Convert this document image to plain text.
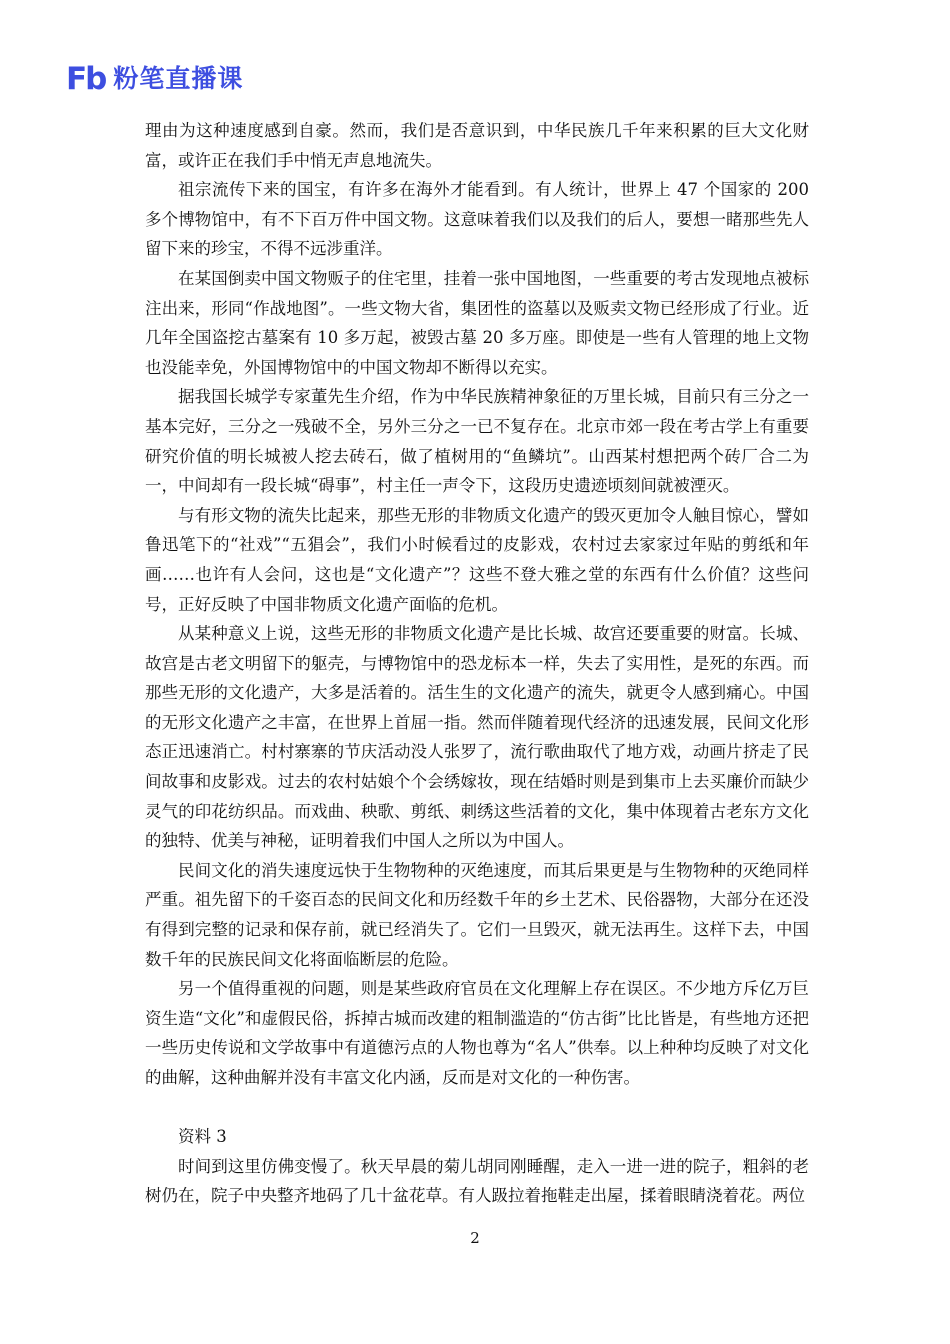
Fb 粉笔直播课

理由为这种速度感到自豪。然而，我们是否意识到，中华民族几千年来积累的巨大文化财富，或许正在我们手中悄无声息地流失。

祖宗流传下来的国宝，有许多在海外才能看到。有人统计，世界上 47 个国家的 200 多个博物馆中，有不下百万件中国文物。这意味着我们以及我们的后人，要想一睹那些先人留下来的珍宝，不得不远涉重洋。

在某国倒卖中国文物贩子的住宅里，挂着一张中国地图，一些重要的考古发现地点被标注出来，形同“作战地图”。一些文物大省，集团性的盗墓以及贩卖文物已经形成了行业。近几年全国盗挖古墓案有 10 多万起，被毁古墓 20 多万座。即使是一些有人管理的地上文物也没能幸免，外国博物馆中的中国文物却不断得以充实。

据我国长城学专家董先生介绍，作为中华民族精神象征的万里长城，目前只有三分之一基本完好，三分之一残破不全，另外三分之一已不复存在。北京市郊一段在考古学上有重要研究价值的明长城被人挖去砖石，做了植树用的“鱼鳞坑”。山西某村想把两个砖厂合二为一，中间却有一段长城“碍事”，村主任一声令下，这段历史遗迹顷刻间就被湮灭。

与有形文物的流失比起来，那些无形的非物质文化遗产的毁灭更加令人触目惊心，譬如鲁迅笔下的“社戏”“五猖会”，我们小时候看过的皮影戏，农村过去家家过年贴的剪纸和年画……也许有人会问，这也是“文化遗产”？这些不登大雅之堂的东西有什么价值？这些问号，正好反映了中国非物质文化遗产面临的危机。

从某种意义上说，这些无形的非物质文化遗产是比长城、故宫还要重要的财富。长城、故宫是古老文明留下的躯壳，与博物馆中的恐龙标本一样，失去了实用性，是死的东西。而那些无形的文化遗产，大多是活着的。活生生的文化遗产的流失，就更令人感到痛心。中国的无形文化遗产之丰富，在世界上首屈一指。然而伴随着现代经济的迅速发展，民间文化形态正迅速消亡。村村寨寨的节庆活动没人张罗了，流行歌曲取代了地方戏，动画片挤走了民间故事和皮影戏。过去的农村姑娘个个会绣嫁妆，现在结婚时则是到集市上去买廉价而缺少灵气的印花纺织品。而戏曲、秧歌、剪纸、刺绣这些活着的文化，集中体现着古老东方文化的独特、优美与神秘，证明着我们中国人之所以为中国人。

民间文化的消失速度远快于生物物种的灭绝速度，而其后果更是与生物物种的灭绝同样严重。祖先留下的千姿百态的民间文化和历经数千年的乡土艺术、民俗器物，大部分在还没有得到完整的记录和保存前，就已经消失了。它们一旦毁灭，就无法再生。这样下去，中国数千年的民族民间文化将面临断层的危险。

另一个值得重视的问题，则是某些政府官员在文化理解上存在误区。不少地方斥亿万巨资生造“文化”和虚假民俗，拆掉古城而改建的粗制滥造的“仿古街”比比皆是，有些地方还把一些历史传说和文学故事中有道德污点的人物也尊为“名人”供奉。以上种种均反映了对文化的曲解，这种曲解并没有丰富文化内涵，反而是对文化的一种伤害。

资料 3

时间到这里仿佛变慢了。秋天早晨的菊儿胡同刚睡醒，走入一进一进的院子，粗斜的老树仍在，院子中央整齐地码了几十盆花草。有人趿拉着拖鞋走出屋，揉着眼睛浇着花。两位

2
